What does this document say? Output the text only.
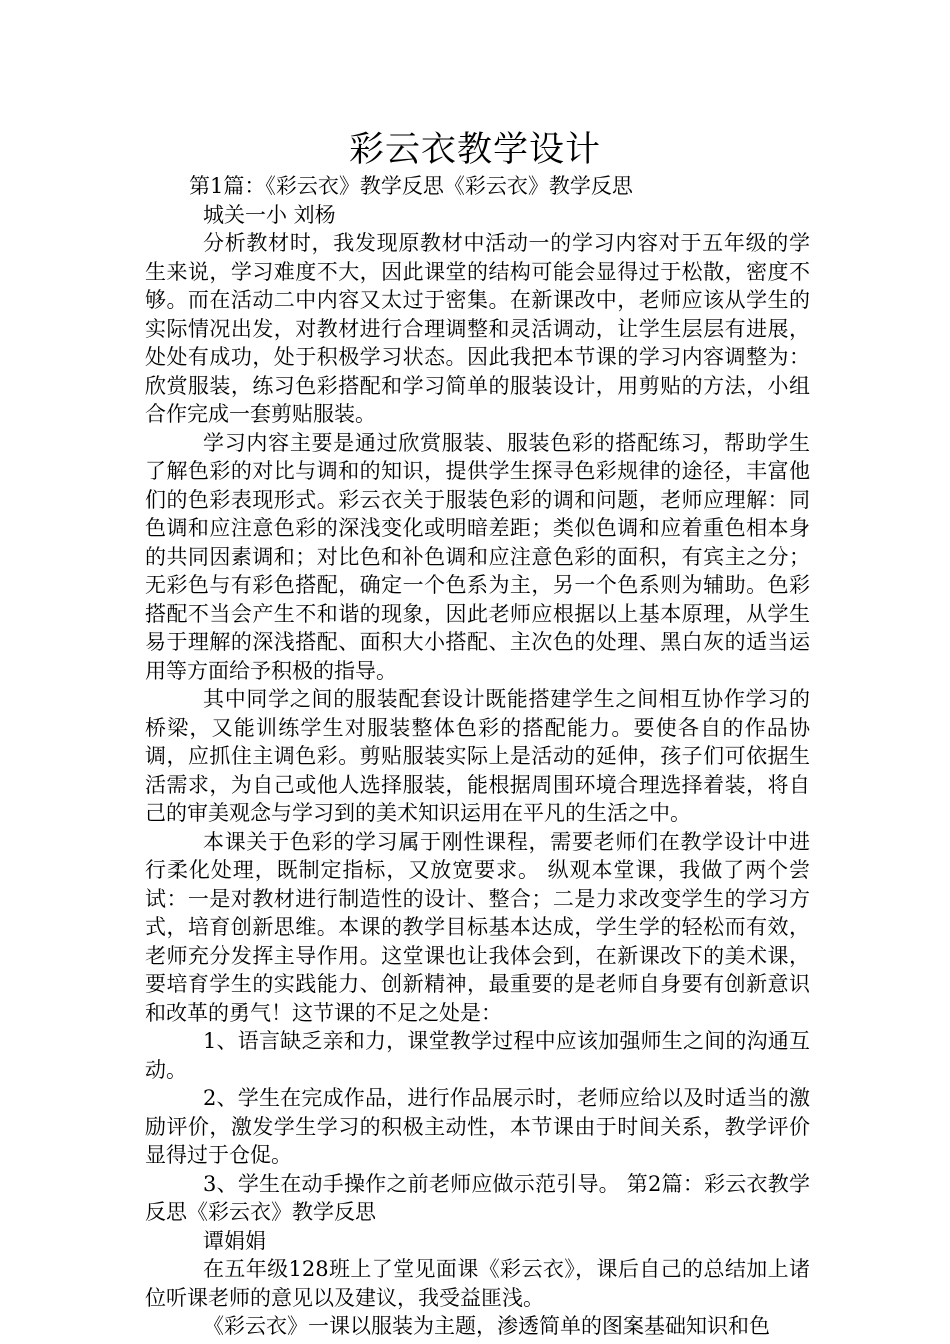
彩云衣教学设计

第1篇：《彩云衣》教学反思《彩云衣》教学反思

城关一小 刘杨

分析教材时，我发现原教材中活动一的学习内容对于五年级的学生来说，学习难度不大，因此课堂的结构可能会显得过于松散，密度不够。而在活动二中内容又太过于密集。在新课改中，老师应该从学生的实际情况出发，对教材进行合理调整和灵活调动，让学生层层有进展，处处有成功，处于积极学习状态。因此我把本节课的学习内容调整为：欣赏服装，练习色彩搭配和学习简单的服装设计，用剪贴的方法，小组合作完成一套剪贴服装。

学习内容主要是通过欣赏服装、服装色彩的搭配练习，帮助学生了解色彩的对比与调和的知识，提供学生探寻色彩规律的途径，丰富他们的色彩表现形式。彩云衣关于服装色彩的调和问题，老师应理解：同色调和应注意色彩的深浅变化或明暗差距；类似色调和应着重色相本身的共同因素调和；对比色和补色调和应注意色彩的面积，有宾主之分；无彩色与有彩色搭配，确定一个色系为主，另一个色系则为辅助。色彩搭配不当会产生不和谐的现象，因此老师应根据以上基本原理，从学生易于理解的深浅搭配、面积大小搭配、主次色的处理、黑白灰的适当运用等方面给予积极的指导。

其中同学之间的服装配套设计既能搭建学生之间相互协作学习的桥梁，又能训练学生对服装整体色彩的搭配能力。要使各自的作品协调，应抓住主调色彩。剪贴服装实际上是活动的延伸，孩子们可依据生活需求，为自己或他人选择服装，能根据周围环境合理选择着装，将自己的审美观念与学习到的美术知识运用在平凡的生活之中。

本课关于色彩的学习属于刚性课程，需要老师们在教学设计中进行柔化处理，既制定指标，又放宽要求。 纵观本堂课，我做了两个尝试：一是对教材进行制造性的设计、整合；二是力求改变学生的学习方式，培育创新思维。本课的教学目标基本达成，学生学的轻松而有效，老师充分发挥主导作用。这堂课也让我体会到，在新课改下的美术课，要培育学生的实践能力、创新精神，最重要的是老师自身要有创新意识和改革的勇气！这节课的不足之处是：

1、语言缺乏亲和力，课堂教学过程中应该加强师生之间的沟通互动。

2、学生在完成作品，进行作品展示时，老师应给以及时适当的激励评价，激发学生学习的积极主动性，本节课由于时间关系，教学评价显得过于仓促。

3、学生在动手操作之前老师应做示范引导。 第2篇：彩云衣教学反思《彩云衣》教学反思

谭娟娟

在五年级128班上了堂见面课《彩云衣》，课后自己的总结加上诸位听课老师的意见以及建议，我受益匪浅。

《彩云衣》一课以服装为主题，渗透简单的图案基础知识和色
